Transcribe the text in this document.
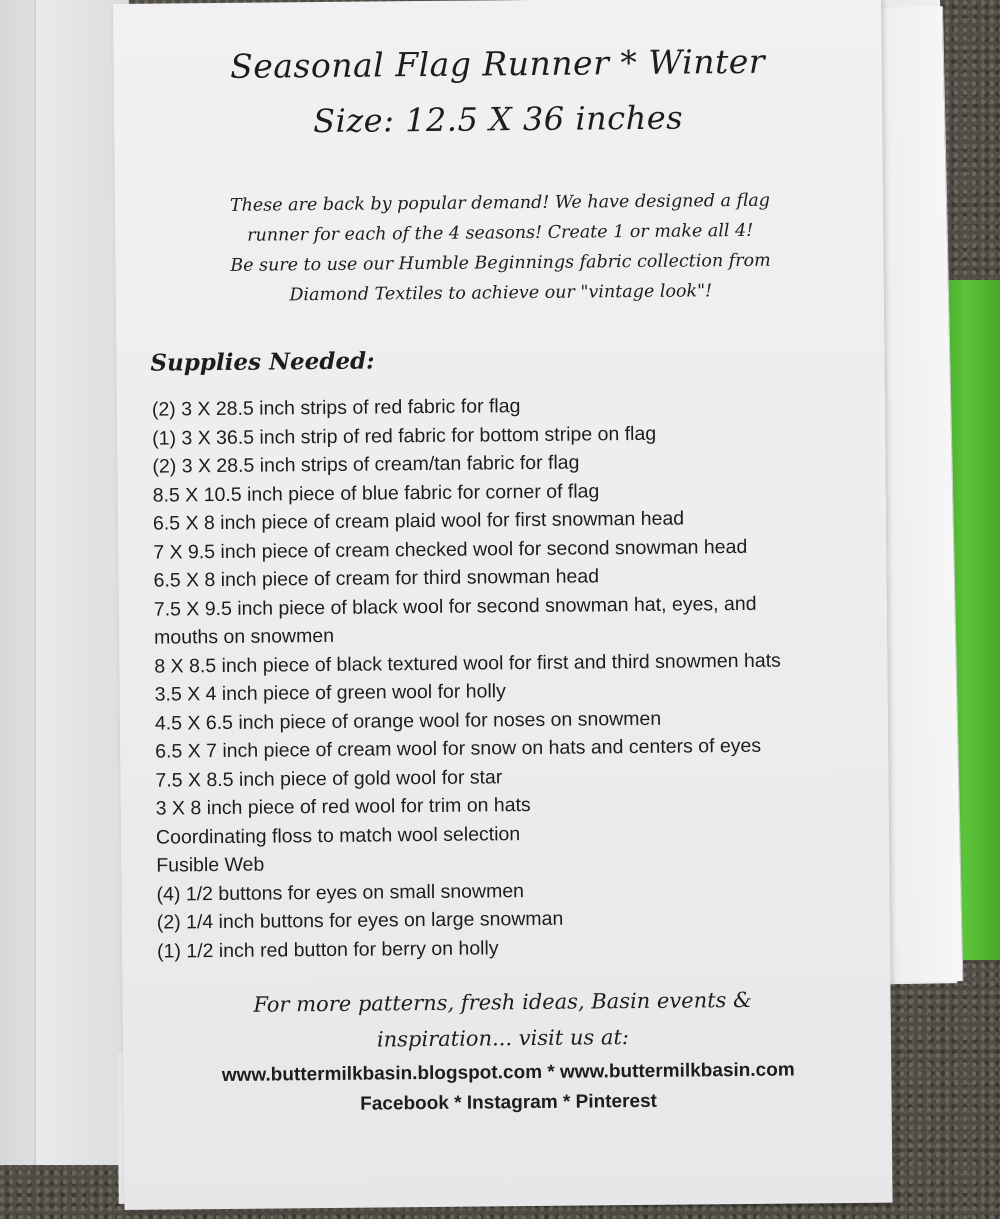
Seasonal Flag Runner * Winter
Size: 12.5 X 36 inches
These are back by popular demand! We have designed a flag
runner for each of the 4 seasons! Create 1 or make all 4!
Be sure to use our Humble Beginnings fabric collection from
Diamond Textiles to achieve our "vintage look"!
Supplies Needed:
(2) 3 X 28.5 inch strips of red fabric for flag
(1) 3 X 36.5 inch strip of red fabric for bottom stripe on flag
(2) 3 X 28.5 inch strips of cream/tan fabric for flag
8.5 X 10.5 inch piece of blue fabric for corner of flag
6.5 X 8 inch piece of cream plaid wool for first snowman head
7 X 9.5 inch piece of cream checked wool for second snowman head
6.5 X 8 inch piece of cream for third snowman head
7.5 X 9.5 inch piece of black wool for second snowman hat, eyes, and
mouths on snowmen
8 X 8.5 inch piece of black textured wool for first and third snowmen hats
3.5 X 4 inch piece of green wool for holly
4.5 X 6.5 inch piece of orange wool for noses on snowmen
6.5 X 7 inch piece of cream wool for snow on hats and centers of eyes
7.5 X 8.5 inch piece of gold wool for star
3 X 8 inch piece of red wool for trim on hats
Coordinating floss to match wool selection
Fusible Web
(4) 1/2 buttons for eyes on small snowmen
(2) 1/4 inch buttons for eyes on large snowman
(1) 1/2 inch red button for berry on holly
For more patterns, fresh ideas, Basin events &
inspiration... visit us at:
www.buttermilkbasin.blogspot.com * www.buttermilkbasin.com
Facebook * Instagram * Pinterest
